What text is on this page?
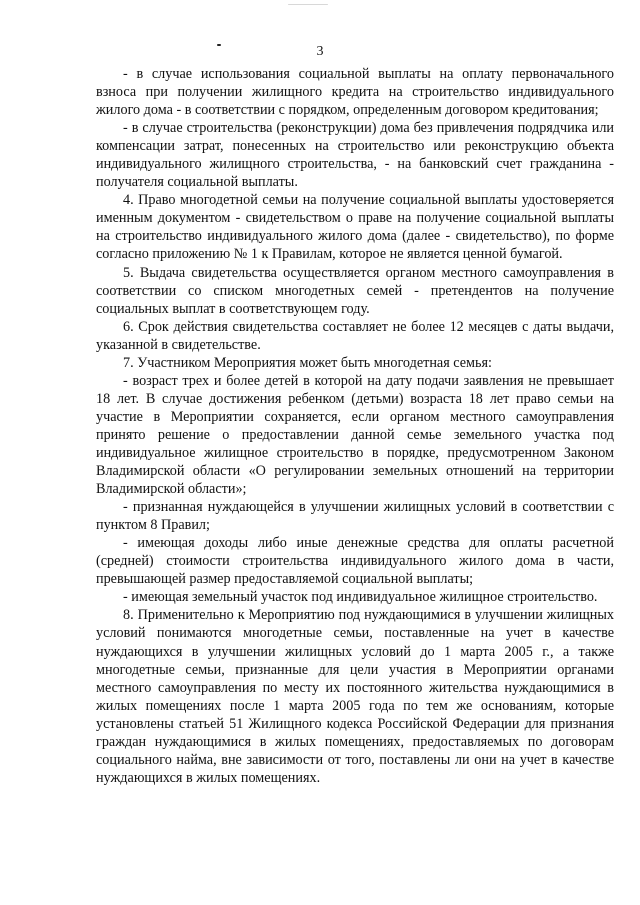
3

- в случае использования социальной выплаты на оплату первоначального взноса при получении жилищного кредита на строительство индивидуального жилого дома - в соответствии с порядком, определенным договором кредитования;

- в случае строительства (реконструкции) дома без привлечения подрядчика или компенсации затрат, понесенных на строительство или реконструкцию объекта индивидуального жилищного строительства, - на банковский счет гражданина - получателя социальной выплаты.

4. Право многодетной семьи на получение социальной выплаты удостоверяется именным документом - свидетельством о праве на получение социальной выплаты на строительство индивидуального жилого дома (далее - свидетельство), по форме согласно приложению № 1 к Правилам, которое не является ценной бумагой.

5. Выдача свидетельства осуществляется органом местного самоуправления в соответствии со списком многодетных семей - претендентов на получение социальных выплат в соответствующем году.

6. Срок действия свидетельства составляет не более 12 месяцев с даты выдачи, указанной в свидетельстве.

7. Участником Мероприятия может быть многодетная семья:

- возраст трех и более детей в которой на дату подачи заявления не превышает 18 лет. В случае достижения ребенком (детьми) возраста 18 лет право семьи на участие в Мероприятии сохраняется, если органом местного самоуправления принято решение о предоставлении данной семье земельного участка под индивидуальное жилищное строительство в порядке, предусмотренном Законом Владимирской области «О регулировании земельных отношений на территории Владимирской области»;

- признанная нуждающейся в улучшении жилищных условий в соответствии с пунктом 8 Правил;

- имеющая доходы либо иные денежные средства для оплаты расчетной (средней) стоимости строительства индивидуального жилого дома в части, превышающей размер предоставляемой социальной выплаты;

- имеющая земельный участок под индивидуальное жилищное строительство.

8. Применительно к Мероприятию под нуждающимися в улучшении жилищных условий понимаются многодетные семьи, поставленные на учет в качестве нуждающихся в улучшении жилищных условий до 1 марта 2005 г., а также многодетные семьи, признанные для цели участия в Мероприятии органами местного самоуправления по месту их постоянного жительства нуждающимися в жилых помещениях после 1 марта 2005 года по тем же основаниям, которые установлены статьей 51 Жилищного кодекса Российской Федерации для признания граждан нуждающимися в жилых помещениях, предоставляемых по договорам социального найма, вне зависимости от того, поставлены ли они на учет в качестве нуждающихся в жилых помещениях.
